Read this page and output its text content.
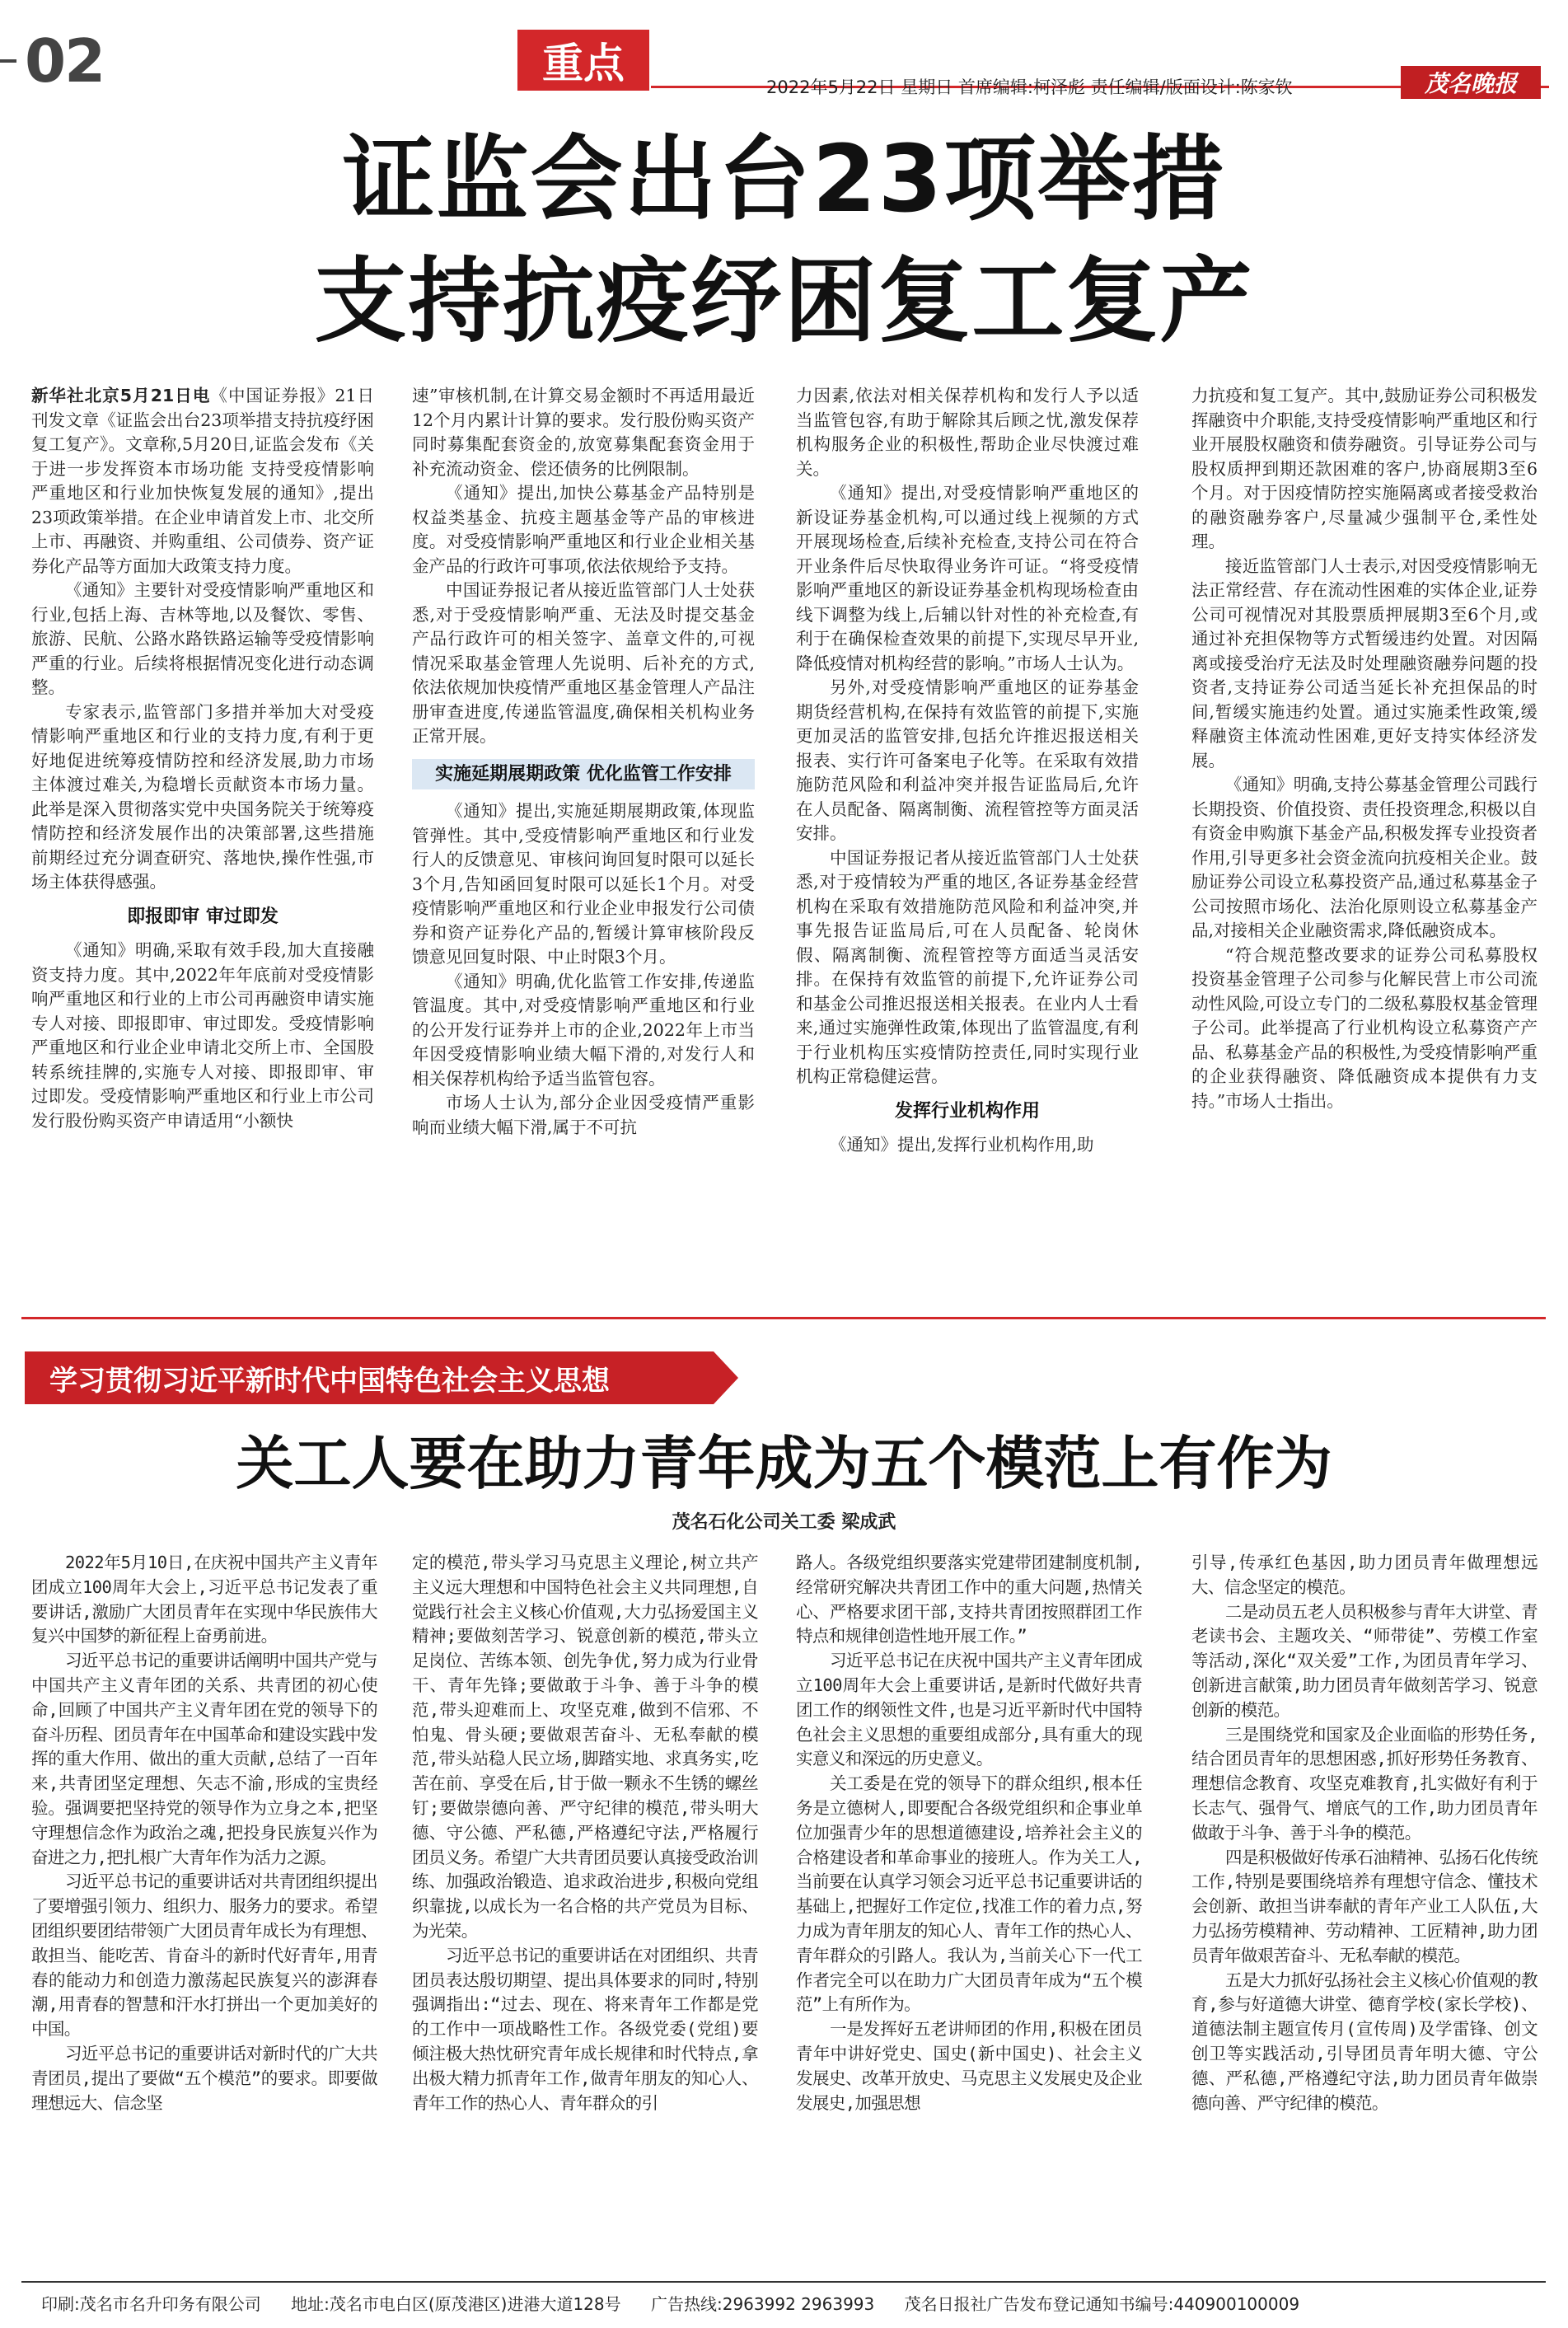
02	重点	2022年5月22日 星期日 首席编辑:柯泽彪 责任编辑/版面设计:陈家钦	茂名晚报
证监会出台23项举措
支持抗疫纾困复工复产

新华社北京5月21日电《中国证券报》21日刊发文章《证监会出台23项举措支持抗疫纾困复工复产》。文章称,5月20日,证监会发布《关于进一步发挥资本市场功能 支持受疫情影响严重地区和行业加快恢复发展的通知》,提出23项政策举措。在企业申请首发上市、北交所上市、再融资、并购重组、公司债券、资产证券化产品等方面加大政策支持力度。

《通知》主要针对受疫情影响严重地区和行业,包括上海、吉林等地,以及餐饮、零售、旅游、民航、公路水路铁路运输等受疫情影响严重的行业。后续将根据情况变化进行动态调整。

专家表示,监管部门多措并举加大对受疫情影响严重地区和行业的支持力度,有利于更好地促进统筹疫情防控和经济发展,助力市场主体渡过难关,为稳增长贡献资本市场力量。此举是深入贯彻落实党中央国务院关于统筹疫情防控和经济发展作出的决策部署,这些措施前期经过充分调查研究、落地快,操作性强,市场主体获得感强。

即报即审 审过即发

《通知》明确,采取有效手段,加大直接融资支持力度。其中,2022年年底前对受疫情影响严重地区和行业的上市公司再融资申请实施专人对接、即报即审、审过即发。受疫情影响严重地区和行业企业申请北交所上市、全国股转系统挂牌的,实施专人对接、即报即审、审过即发。受疫情影响严重地区和行业上市公司发行股份购买资产申请适用“小额快

速”审核机制,在计算交易金额时不再适用最近12个月内累计计算的要求。发行股份购买资产同时募集配套资金的,放宽募集配套资金用于补充流动资金、偿还债务的比例限制。

《通知》提出,加快公募基金产品特别是权益类基金、抗疫主题基金等产品的审核进度。对受疫情影响严重地区和行业企业相关基金产品的行政许可事项,依法依规给予支持。

中国证券报记者从接近监管部门人士处获悉,对于受疫情影响严重、无法及时提交基金产品行政许可的相关签字、盖章文件的,可视情况采取基金管理人先说明、后补充的方式,依法依规加快疫情严重地区基金管理人产品注册审查进度,传递监管温度,确保相关机构业务正常开展。

实施延期展期政策 优化监管工作安排

《通知》提出,实施延期展期政策,体现监管弹性。其中,受疫情影响严重地区和行业发行人的反馈意见、审核问询回复时限可以延长3个月,告知函回复时限可以延长1个月。对受疫情影响严重地区和行业企业申报发行公司债券和资产证券化产品的,暂缓计算审核阶段反馈意见回复时限、中止时限3个月。

《通知》明确,优化监管工作安排,传递监管温度。其中,对受疫情影响严重地区和行业的公开发行证券并上市的企业,2022年上市当年因受疫情影响业绩大幅下滑的,对发行人和相关保荐机构给予适当监管包容。

市场人士认为,部分企业因受疫情严重影响而业绩大幅下滑,属于不可抗

力因素,依法对相关保荐机构和发行人予以适当监管包容,有助于解除其后顾之忧,激发保荐机构服务企业的积极性,帮助企业尽快渡过难关。

《通知》提出,对受疫情影响严重地区的新设证券基金机构,可以通过线上视频的方式开展现场检查,后续补充检查,支持公司在符合开业条件后尽快取得业务许可证。“将受疫情影响严重地区的新设证券基金机构现场检查由线下调整为线上,后辅以针对性的补充检查,有利于在确保检查效果的前提下,实现尽早开业,降低疫情对机构经营的影响。”市场人士认为。

另外,对受疫情影响严重地区的证券基金期货经营机构,在保持有效监管的前提下,实施更加灵活的监管安排,包括允许推迟报送相关报表、实行许可备案电子化等。在采取有效措施防范风险和利益冲突并报告证监局后,允许在人员配备、隔离制衡、流程管控等方面灵活安排。

中国证券报记者从接近监管部门人士处获悉,对于疫情较为严重的地区,各证券基金经营机构在采取有效措施防范风险和利益冲突,并事先报告证监局后,可在人员配备、轮岗休假、隔离制衡、流程管控等方面适当灵活安排。在保持有效监管的前提下,允许证券公司和基金公司推迟报送相关报表。在业内人士看来,通过实施弹性政策,体现出了监管温度,有利于行业机构压实疫情防控责任,同时实现行业机构正常稳健运营。

发挥行业机构作用

《通知》提出,发挥行业机构作用,助

力抗疫和复工复产。其中,鼓励证券公司积极发挥融资中介职能,支持受疫情影响严重地区和行业开展股权融资和债券融资。引导证券公司与股权质押到期还款困难的客户,协商展期3至6个月。对于因疫情防控实施隔离或者接受救治的融资融券客户,尽量减少强制平仓,柔性处理。

接近监管部门人士表示,对因受疫情影响无法正常经营、存在流动性困难的实体企业,证券公司可视情况对其股票质押展期3至6个月,或通过补充担保物等方式暂缓违约处置。对因隔离或接受治疗无法及时处理融资融券问题的投资者,支持证券公司适当延长补充担保品的时间,暂缓实施违约处置。通过实施柔性政策,缓释融资主体流动性困难,更好支持实体经济发展。

《通知》明确,支持公募基金管理公司践行长期投资、价值投资、责任投资理念,积极以自有资金申购旗下基金产品,积极发挥专业投资者作用,引导更多社会资金流向抗疫相关企业。鼓励证券公司设立私募投资产品,通过私募基金子公司按照市场化、法治化原则设立私募基金产品,对接相关企业融资需求,降低融资成本。

“符合规范整改要求的证券公司私募股权投资基金管理子公司参与化解民营上市公司流动性风险,可设立专门的二级私募股权基金管理子公司。此举提高了行业机构设立私募资产产品、私募基金产品的积极性,为受疫情影响严重的企业获得融资、降低融资成本提供有力支持。”市场人士指出。

学习贯彻习近平新时代中国特色社会主义思想
关工人要在助力青年成为五个模范上有作为
茂名石化公司关工委 梁成武

2022年5月10日,在庆祝中国共产主义青年团成立100周年大会上,习近平总书记发表了重要讲话,激励广大团员青年在实现中华民族伟大复兴中国梦的新征程上奋勇前进。

习近平总书记的重要讲话阐明中国共产党与中国共产主义青年团的关系、共青团的初心使命,回顾了中国共产主义青年团在党的领导下的奋斗历程、团员青年在中国革命和建设实践中发挥的重大作用、做出的重大贡献,总结了一百年来,共青团坚定理想、矢志不渝,形成的宝贵经验。强调要把坚持党的领导作为立身之本,把坚守理想信念作为政治之魂,把投身民族复兴作为奋进之力,把扎根广大青年作为活力之源。

习近平总书记的重要讲话对共青团组织提出了要增强引领力、组织力、服务力的要求。希望团组织要团结带领广大团员青年成长为有理想、敢担当、能吃苦、肯奋斗的新时代好青年,用青春的能动力和创造力激荡起民族复兴的澎湃春潮,用青春的智慧和汗水打拼出一个更加美好的中国。

习近平总书记的重要讲话对新时代的广大共青团员,提出了要做“五个模范”的要求。即要做理想远大、信念坚

定的模范,带头学习马克思主义理论,树立共产主义远大理想和中国特色社会主义共同理想,自觉践行社会主义核心价值观,大力弘扬爱国主义精神;要做刻苦学习、锐意创新的模范,带头立足岗位、苦练本领、创先争优,努力成为行业骨干、青年先锋;要做敢于斗争、善于斗争的模范,带头迎难而上、攻坚克难,做到不信邪、不怕鬼、骨头硬;要做艰苦奋斗、无私奉献的模范,带头站稳人民立场,脚踏实地、求真务实,吃苦在前、享受在后,甘于做一颗永不生锈的螺丝钉;要做崇德向善、严守纪律的模范,带头明大德、守公德、严私德,严格遵纪守法,严格履行团员义务。希望广大共青团员要认真接受政治训练、加强政治锻造、追求政治进步,积极向党组织靠拢,以成长为一名合格的共产党员为目标、为光荣。

习近平总书记的重要讲话在对团组织、共青团员表达殷切期望、提出具体要求的同时,特别强调指出:“过去、现在、将来青年工作都是党的工作中一项战略性工作。各级党委(党组)要倾注极大热忱研究青年成长规律和时代特点,拿出极大精力抓青年工作,做青年朋友的知心人、青年工作的热心人、青年群众的引

路人。各级党组织要落实党建带团建制度机制,经常研究解决共青团工作中的重大问题,热情关心、严格要求团干部,支持共青团按照群团工作特点和规律创造性地开展工作。”

习近平总书记在庆祝中国共产主义青年团成立100周年大会上重要讲话,是新时代做好共青团工作的纲领性文件,也是习近平新时代中国特色社会主义思想的重要组成部分,具有重大的现实意义和深远的历史意义。

关工委是在党的领导下的群众组织,根本任务是立德树人,即要配合各级党组织和企事业单位加强青少年的思想道德建设,培养社会主义的合格建设者和革命事业的接班人。作为关工人,当前要在认真学习领会习近平总书记重要讲话的基础上,把握好工作定位,找准工作的着力点,努力成为青年朋友的知心人、青年工作的热心人、青年群众的引路人。我认为,当前关心下一代工作者完全可以在助力广大团员青年成为“五个模范”上有所作为。

一是发挥好五老讲师团的作用,积极在团员青年中讲好党史、国史(新中国史)、社会主义发展史、改革开放史、马克思主义发展史及企业发展史,加强思想

引导,传承红色基因,助力团员青年做理想远大、信念坚定的模范。

二是动员五老人员积极参与青年大讲堂、青老读书会、主题攻关、“师带徒”、劳模工作室等活动,深化“双关爱”工作,为团员青年学习、创新进言献策,助力团员青年做刻苦学习、锐意创新的模范。

三是围绕党和国家及企业面临的形势任务,结合团员青年的思想困惑,抓好形势任务教育、理想信念教育、攻坚克难教育,扎实做好有利于长志气、强骨气、增底气的工作,助力团员青年做敢于斗争、善于斗争的模范。

四是积极做好传承石油精神、弘扬石化传统工作,特别是要围绕培养有理想守信念、懂技术会创新、敢担当讲奉献的青年产业工人队伍,大力弘扬劳模精神、劳动精神、工匠精神,助力团员青年做艰苦奋斗、无私奉献的模范。

五是大力抓好弘扬社会主义核心价值观的教育,参与好道德大讲堂、德育学校(家长学校)、道德法制主题宣传月(宣传周)及学雷锋、创文创卫等实践活动,引导团员青年明大德、守公德、严私德,严格遵纪守法,助力团员青年做崇德向善、严守纪律的模范。

印刷:茂名市名升印务有限公司 地址:茂名市电白区(原茂港区)进港大道128号 广告热线:2963992 2963993 茂名日报社广告发布登记通知书编号:440900100009
